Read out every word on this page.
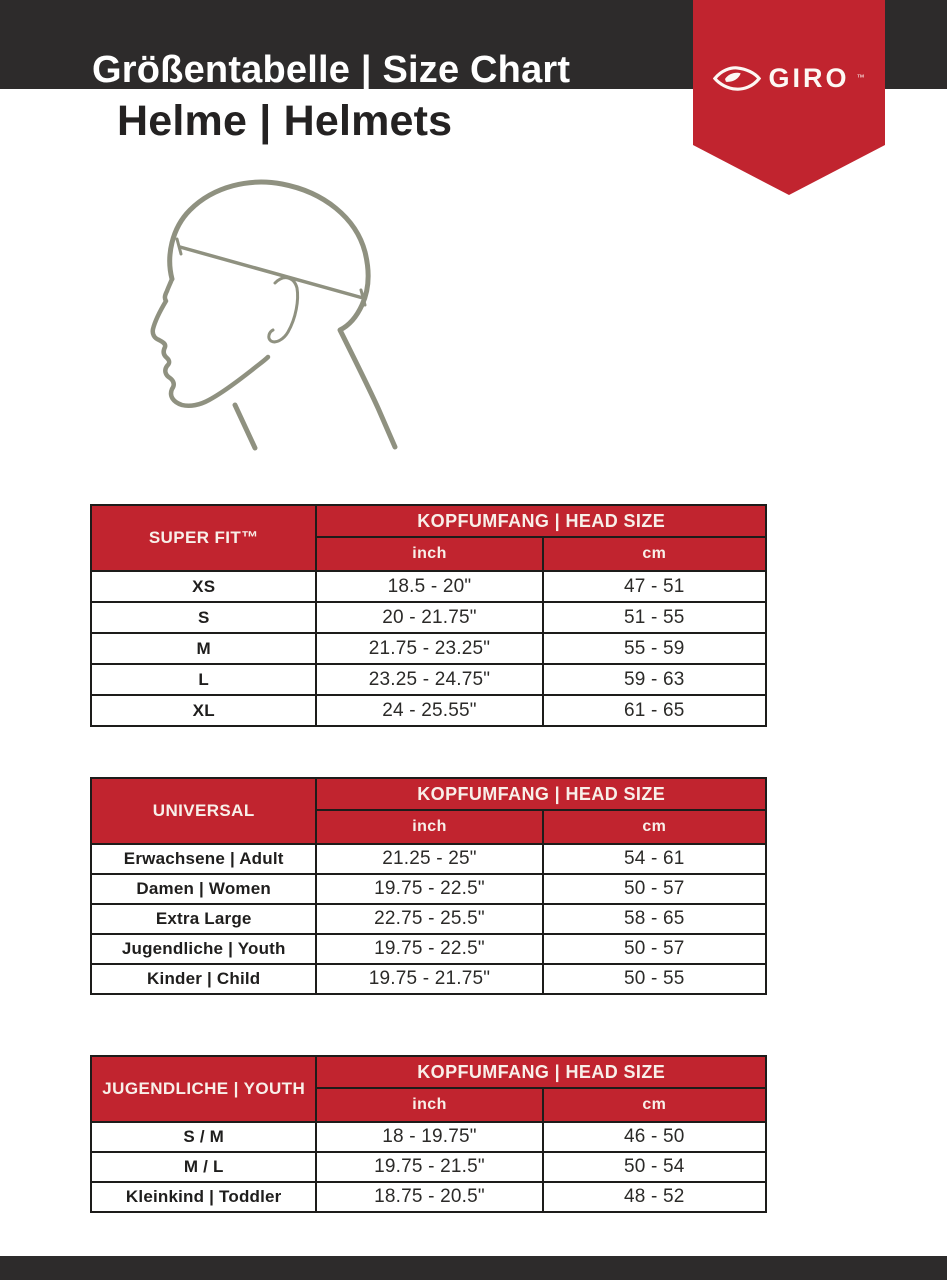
Größentabelle | Size Chart
Helme | Helmets
GIRO ™
SUPER FIT™	KOPFUMFANG | HEAD SIZE	
	inch	cm
XS	18.5 - 20"	47 - 51
S	20 - 21.75"	51 - 55
M	21.75 - 23.25"	55 - 59
L	23.25 - 24.75"	59 - 63
XL	24 - 25.55"	61 - 65
UNIVERSAL	KOPFUMFANG | HEAD SIZE	
	inch	cm
Erwachsene | Adult	21.25 - 25"	54 - 61
Damen | Women	19.75 - 22.5"	50 - 57
Extra Large	22.75 - 25.5"	58 - 65
Jugendliche | Youth	19.75 - 22.5"	50 - 57
Kinder | Child	19.75 - 21.75"	50 - 55
JUGENDLICHE | YOUTH	KOPFUMFANG | HEAD SIZE	
	inch	cm
S / M	18 - 19.75"	46 - 50
M / L	19.75 - 21.5"	50 - 54
Kleinkind | Toddler	18.75 - 20.5"	48 - 52
